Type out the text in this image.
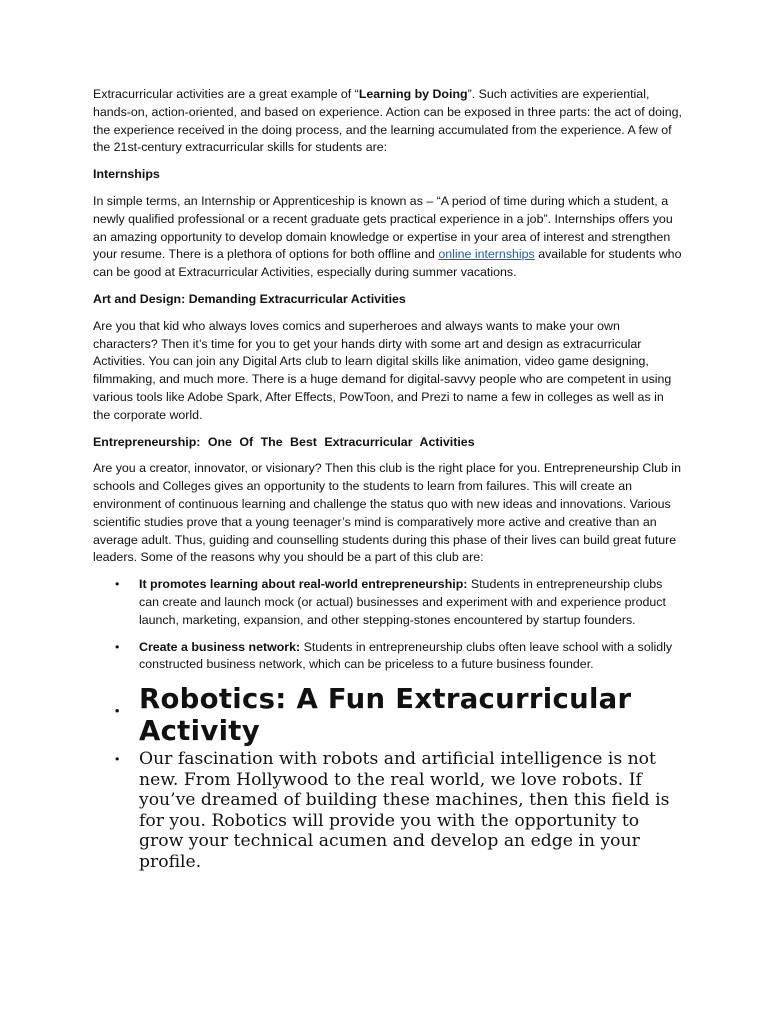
Extracurricular activities are a great example of “Learning by Doing”. Such activities are experiential, hands-on, action-oriented, and based on experience. Action can be exposed in three parts: the act of doing, the experience received in the doing process, and the learning accumulated from the experience. A few of the 21st-century extracurricular skills for students are:

Internships

In simple terms, an Internship or Apprenticeship is known as – “A period of time during which a student, a newly qualified professional or a recent graduate gets practical experience in a job”. Internships offers you an amazing opportunity to develop domain knowledge or expertise in your area of interest and strengthen your resume. There is a plethora of options for both offline and online internships available for students who can be good at Extracurricular Activities, especially during summer vacations.

Art and Design: Demanding Extracurricular Activities

Are you that kid who always loves comics and superheroes and always wants to make your own characters? Then it’s time for you to get your hands dirty with some art and design as extracurricular Activities. You can join any Digital Arts club to learn digital skills like animation, video game designing, filmmaking, and much more. There is a huge demand for digital-savvy people who are competent in using various tools like Adobe Spark, After Effects, PowToon, and Prezi to name a few in colleges as well as in the corporate world.

Entrepreneurship: One Of The Best Extracurricular Activities

Are you a creator, innovator, or visionary? Then this club is the right place for you. Entrepreneurship Club in schools and Colleges gives an opportunity to the students to learn from failures. This will create an environment of continuous learning and challenge the status quo with new ideas and innovations. Various scientific studies prove that a young teenager’s mind is comparatively more active and creative than an average adult. Thus, guiding and counselling students during this phase of their lives can build great future leaders. Some of the reasons why you should be a part of this club are:

• It promotes learning about real-world entrepreneurship: Students in entrepreneurship clubs can create and launch mock (or actual) businesses and experiment with and experience product launch, marketing, expansion, and other stepping-stones encountered by startup founders.
• Create a business network: Students in entrepreneurship clubs often leave school with a solidly constructed business network, which can be priceless to a future business founder.
• Robotics: A Fun Extracurricular Activity
• Our fascination with robots and artificial intelligence is not new. From Hollywood to the real world, we love robots. If you’ve dreamed of building these machines, then this field is for you. Robotics will provide you with the opportunity to grow your technical acumen and develop an edge in your profile.
